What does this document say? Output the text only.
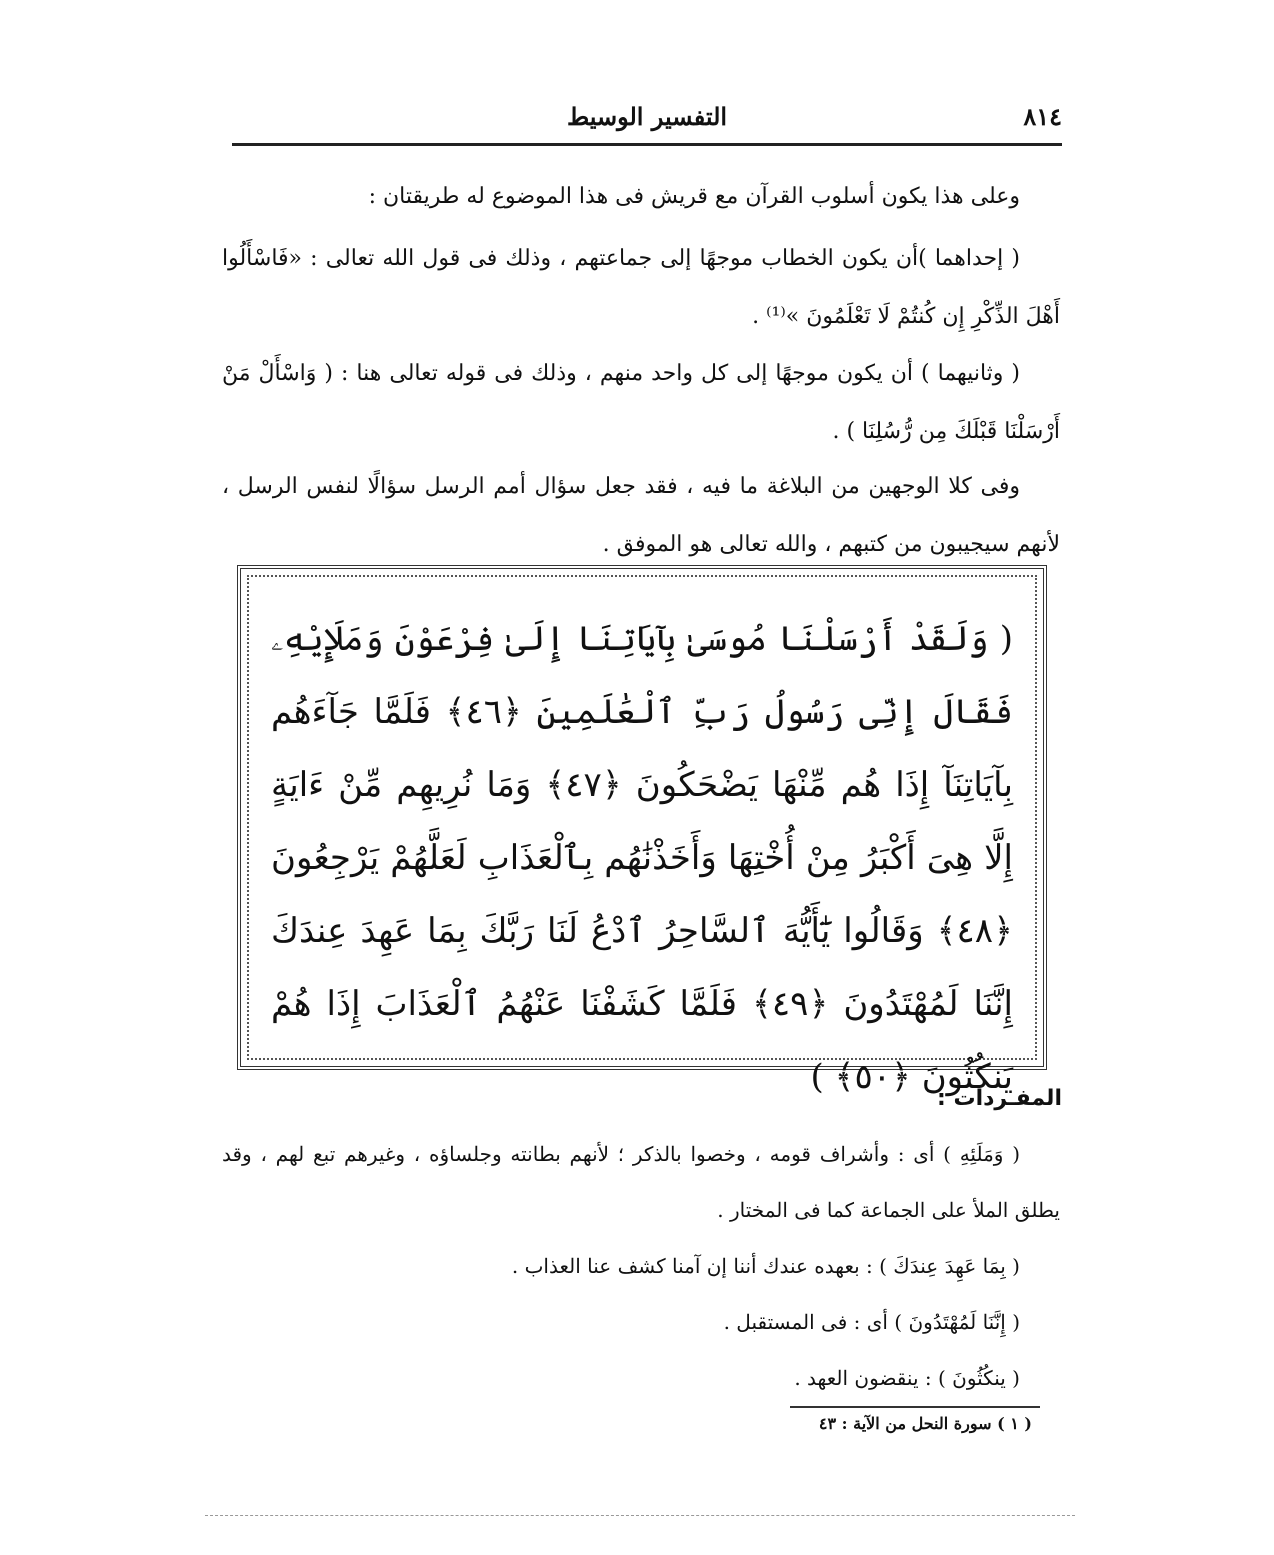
التفسير الوسيط	٨١٤

وعلى هذا يكون أسلوب القرآن مع قريش فى هذا الموضوع له طريقتان :

( إحداهما )أن يكون الخطاب موجهًا إلى جماعتهم ، وذلك فى قول الله تعالى : «فَاسْأَلُوا أَهْلَ الذِّكْرِ إِن كُنتُمْ لَا تَعْلَمُونَ »⁽¹⁾ .

( وثانيهما ) أن يكون موجهًا إلى كل واحد منهم ، وذلك فى قوله تعالى هنا : ( وَاسْأَلْ مَنْ أَرْسَلْنَا قَبْلَكَ مِن رُّسُلِنَا ) .

وفى كلا الوجهين من البلاغة ما فيه ، فقد جعل سؤال أمم الرسل سؤالًا لنفس الرسل ، لأنهم سيجيبون من كتبهم ، والله تعالى هو الموفق .

( وَلَقَدْ أَرْسَلْنَا مُوسَىٰ بِآيَاتِنَا إِلَىٰ فِرْعَوْنَ وَمَلَإِيْهِۦ فَقَالَ إِنِّى رَسُولُ رَبِّ ٱلْعَٰلَمِينَ ﴿٤٦﴾ فَلَمَّا جَآءَهُم بِآيَاتِنَآ إِذَا هُم مِّنْهَا يَضْحَكُونَ ﴿٤٧﴾ وَمَا نُرِيهِم مِّنْ ءَايَةٍ إِلَّا هِىَ أَكْبَرُ مِنْ أُخْتِهَا وَأَخَذْنَٰهُم بِٱلْعَذَابِ لَعَلَّهُمْ يَرْجِعُونَ ﴿٤٨﴾ وَقَالُوا يَٰٓأَيُّهَ ٱلسَّاحِرُ ٱدْعُ لَنَا رَبَّكَ بِمَا عَهِدَ عِندَكَ إِنَّنَا لَمُهْتَدُونَ ﴿٤٩﴾ فَلَمَّا كَشَفْنَا عَنْهُمُ ٱلْعَذَابَ إِذَا هُمْ يَنكُثُونَ ﴿٥٠﴾ )
المفـردات :

( وَمَلَئِهِ ) أى : وأشراف قومه ، وخصوا بالذكر ؛ لأنهم بطانته وجلساؤه ، وغيرهم تبع لهم ، وقد يطلق الملأ على الجماعة كما فى المختار .

( بِمَا عَهِدَ عِندَكَ ) : بعهده عندك أننا إن آمنا كشف عنا العذاب .

( إِنَّنَا لَمُهْتَدُونَ ) أى : فى المستقبل .

( ينكُثُونَ ) : ينقضون العهد .

( ١ ) سورة النحل من الآية : ٤٣
